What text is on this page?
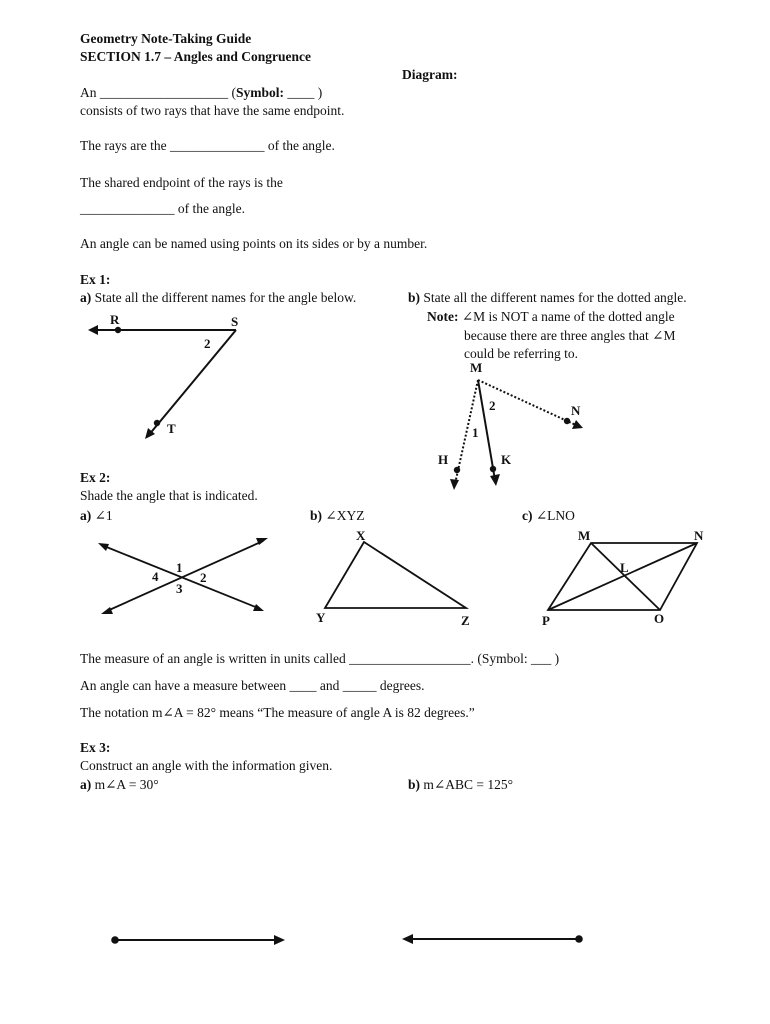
Geometry Note-Taking Guide
SECTION 1.7 – Angles and Congruence
Diagram:
An ___________________ (Symbol: ____ )
consists of two rays that have the same endpoint.
The rays are the ______________ of the angle.
The shared endpoint of the rays is the
______________ of the angle.
An angle can be named using points on its sides or by a number.
Ex 1:
a) State all the different names for the angle below.	b) State all the different names for the dotted angle.
Note: ∠M is NOT a name of the dotted angle
because there are three angles that ∠M
could be referring to.
R	S
2
T
M
N
2
1
H	K
Ex 2:
Shade the angle that is indicated.
a) ∠1	b) ∠XYZ	c) ∠LNO
1
2
3
4
X
Y	Z
M	N
L
P	O
The measure of an angle is written in units called __________________. (Symbol: ___ )
An angle can have a measure between ____ and _____ degrees.
The notation m∠A = 82° means “The measure of angle A is 82 degrees.”
Ex 3:
Construct an angle with the information given.
a) m∠A = 30°	b) m∠ABC = 125°
